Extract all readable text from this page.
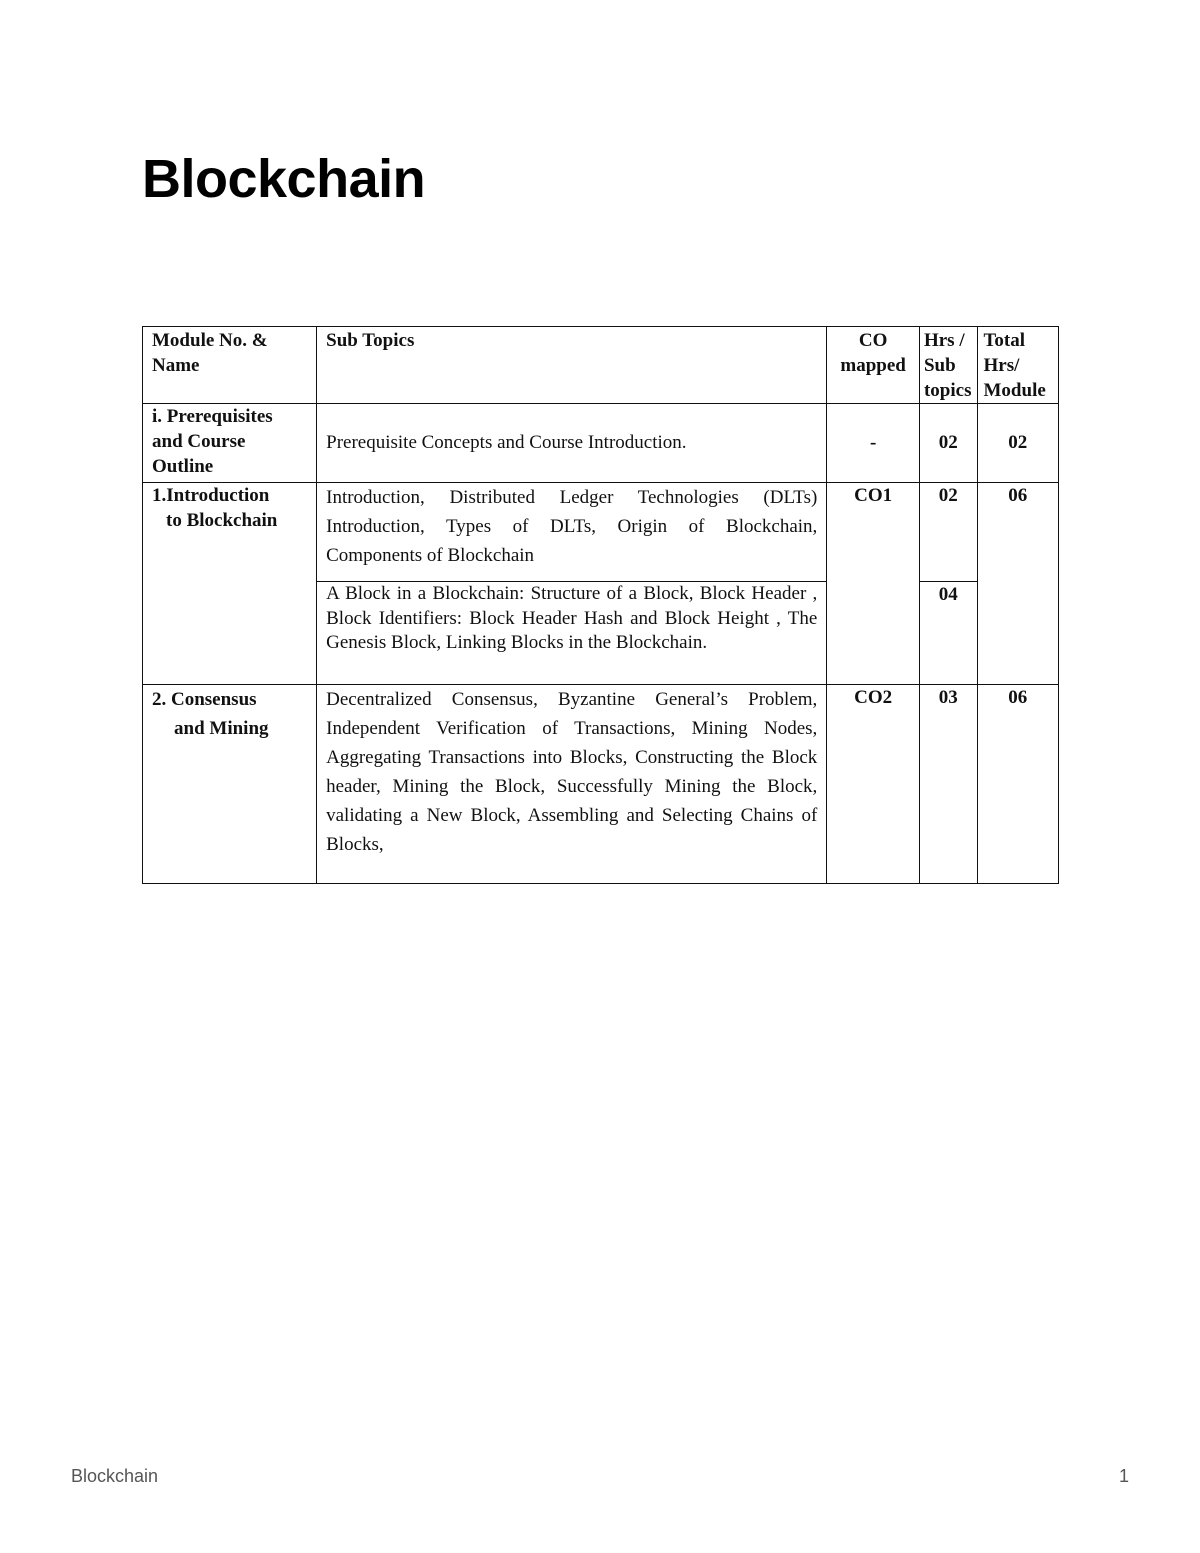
Blockchain
Module No. & Name	Sub Topics	CO mapped	Hrs / Sub topics	Total Hrs/ Module
i. Prerequisites and Course Outline	Prerequisite Concepts and Course Introduction.	-	02	02

1.Introduction
to Blockchain	Introduction, Distributed Ledger Technologies (DLTs) Introduction, Types of DLTs, Origin of Blockchain, Components of Blockchain	CO1	02	06
	A Block in a Blockchain: Structure of a Block, Block Header , Block Identifiers: Block Header Hash and Block Height , The Genesis Block, Linking Blocks in the Blockchain.		04	

2. Consensus
and Mining	Decentralized Consensus, Byzantine General’s Problem, Independent Verification of Transactions, Mining Nodes, Aggregating Transactions into Blocks, Constructing the Block header, Mining the Block, Successfully Mining the Block, validating a New Block, Assembling and Selecting Chains of Blocks,	CO2	03	06
Blockchain	1
